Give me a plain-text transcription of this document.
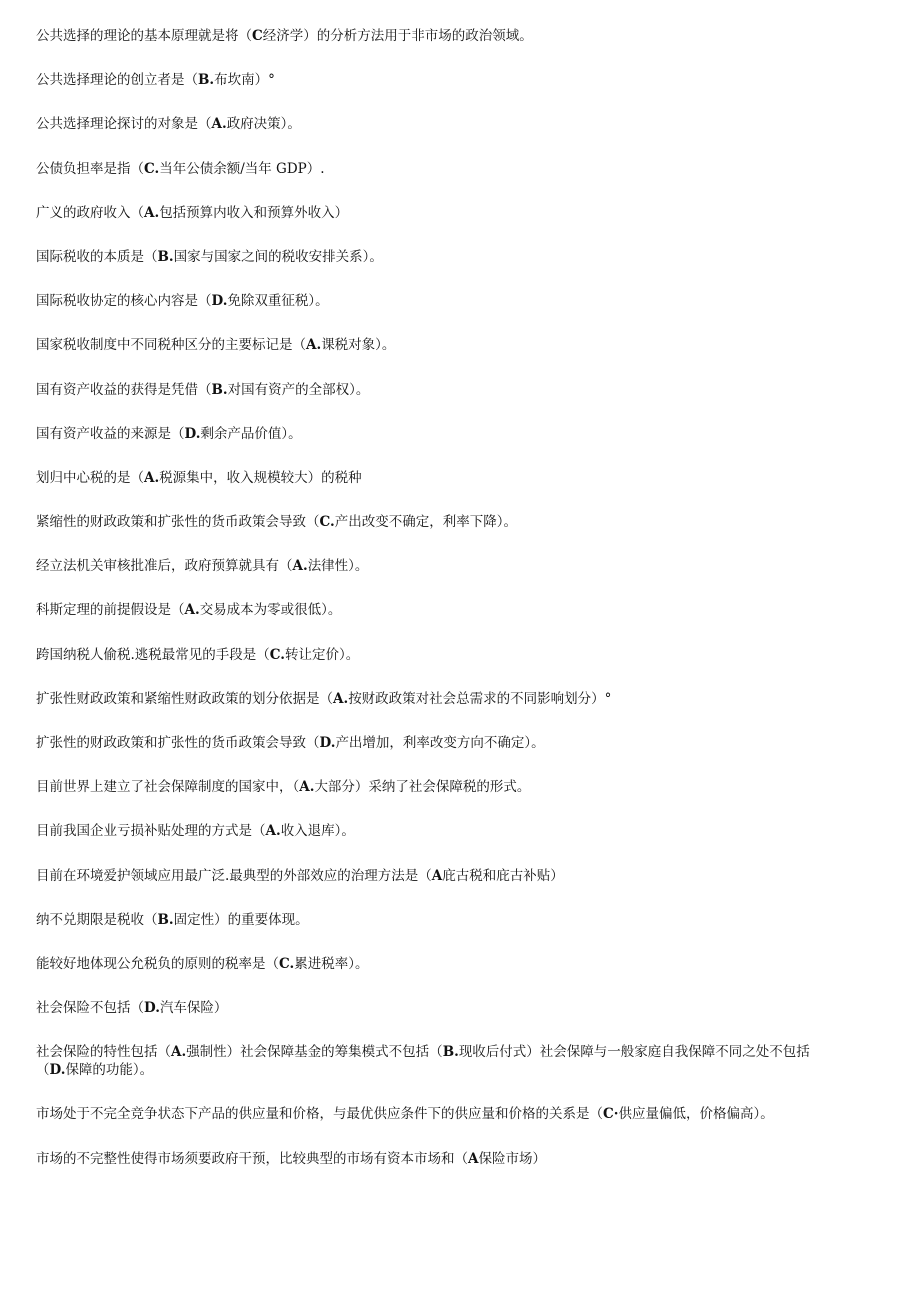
公共选择的理论的基本原理就是将（C经济学）的分析方法用于非市场的政治领域。

公共选择理论的创立者是（B.布坎南）°

公共选择理论探讨的对象是（A.政府决策）。

公债负担率是指（C.当年公债余额/当年 GDP）.

广义的政府收入（A.包括预算内收入和预算外收入）

国际税收的本质是（B.国家与国家之间的税收安排关系）。

国际税收协定的核心内容是（D.免除双重征税）。

国家税收制度中不同税种区分的主要标记是（A.课税对象）。

国有资产收益的获得是凭借（B.对国有资产的全部权）。

国有资产收益的来源是（D.剩余产品价值）。

划归中心税的是（A.税源集中，收入规模较大）的税种

紧缩性的财政政策和扩张性的货币政策会导致（C.产出改变不确定，利率下降）。

经立法机关审核批准后，政府预算就具有（A.法律性）。

科斯定理的前提假设是（A.交易成本为零或很低）。

跨国纳税人偷税.逃税最常见的手段是（C.转让定价）。

扩张性财政政策和紧缩性财政政策的划分依据是（A.按财政政策对社会总需求的不同影响划分）°

扩张性的财政政策和扩张性的货币政策会导致（D.产出增加，利率改变方向不确定）。

目前世界上建立了社会保障制度的国家中，（A.大部分）采纳了社会保障税的形式。

目前我国企业亏损补贴处理的方式是（A.收入退库）。

目前在环境爱护领域应用最广泛.最典型的外部效应的治理方法是（A庇古税和庇古补贴）

纳不兑期限是税收（B.固定性）的重要体现。

能较好地体现公允税负的原则的税率是（C.累进税率）。

社会保险不包括（D.汽车保险）

社会保险的特性包括（A.强制性）社会保障基金的筹集模式不包括（B.现收后付式）社会保障与一般家庭自我保障不同之处不包括（D.保障的功能）。

市场处于不完全竞争状态下产品的供应量和价格，与最优供应条件下的供应量和价格的关系是（C·供应量偏低，价格偏高）。

市场的不完整性使得市场须要政府干预，比较典型的市场有资本市场和（A保险市场）
